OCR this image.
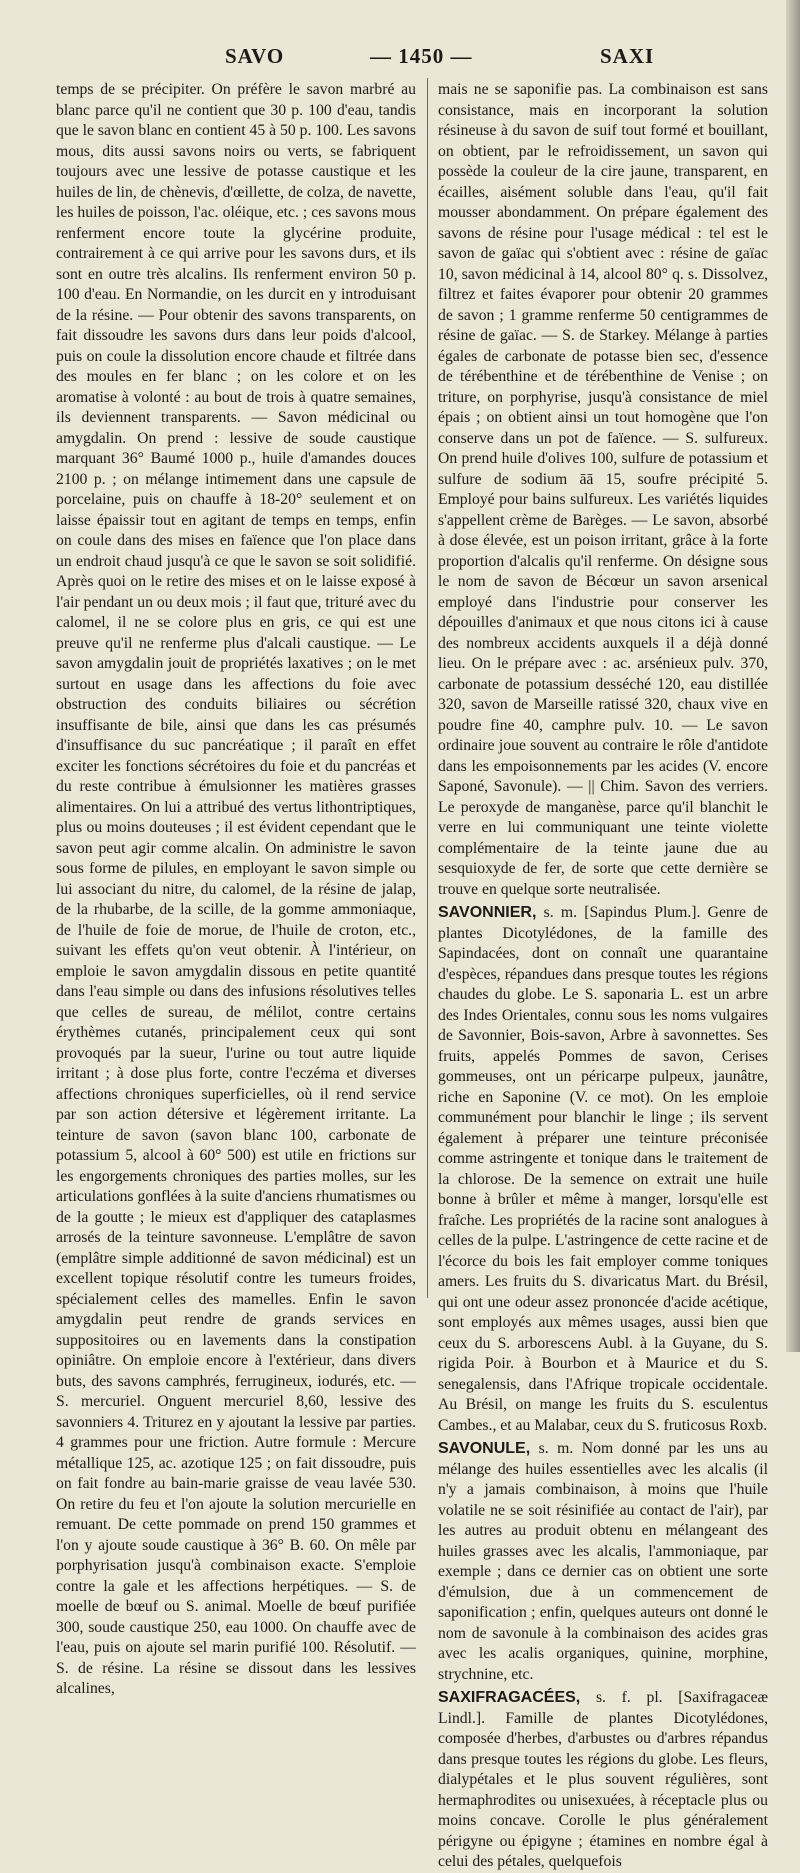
SAVO	— 1450 —	SAXI

temps de se précipiter. On préfère le savon marbré au blanc parce qu'il ne contient que 30 p. 100 d'eau, tandis que le savon blanc en contient 45 à 50 p. 100. Les savons mous, dits aussi savons noirs ou verts, se fabriquent toujours avec une lessive de potasse caustique et les huiles de lin, de chènevis, d'œillette, de colza, de navette, les huiles de poisson, l'ac. oléique, etc. ; ces savons mous renferment encore toute la glycérine produite, contrairement à ce qui arrive pour les savons durs, et ils sont en outre très alcalins. Ils renferment environ 50 p. 100 d'eau. En Normandie, on les durcit en y introduisant de la résine. — Pour obtenir des savons transparents, on fait dissoudre les savons durs dans leur poids d'alcool, puis on coule la dissolution encore chaude et filtrée dans des moules en fer blanc ; on les colore et on les aromatise à volonté : au bout de trois à quatre semaines, ils deviennent transparents. — Savon médicinal ou amygdalin. On prend : lessive de soude caustique marquant 36° Baumé 1000 p., huile d'amandes douces 2100 p. ; on mélange intimement dans une capsule de porcelaine, puis on chauffe à 18-20° seulement et on laisse épaissir tout en agitant de temps en temps, enfin on coule dans des mises en faïence que l'on place dans un endroit chaud jusqu'à ce que le savon se soit solidifié. Après quoi on le retire des mises et on le laisse exposé à l'air pendant un ou deux mois ; il faut que, trituré avec du calomel, il ne se colore plus en gris, ce qui est une preuve qu'il ne renferme plus d'alcali caustique. — Le savon amygdalin jouit de propriétés laxatives ; on le met surtout en usage dans les affections du foie avec obstruction des conduits biliaires ou sécrétion insuffisante de bile, ainsi que dans les cas présumés d'insuffisance du suc pancréatique ; il paraît en effet exciter les fonctions sécrétoires du foie et du pancréas et du reste contribue à émulsionner les matières grasses alimentaires. On lui a attribué des vertus lithontriptiques, plus ou moins douteuses ; il est évident cependant que le savon peut agir comme alcalin. On administre le savon sous forme de pilules, en employant le savon simple ou lui associant du nitre, du calomel, de la résine de jalap, de la rhubarbe, de la scille, de la gomme ammoniaque, de l'huile de foie de morue, de l'huile de croton, etc., suivant les effets qu'on veut obtenir. À l'intérieur, on emploie le savon amygdalin dissous en petite quantité dans l'eau simple ou dans des infusions résolutives telles que celles de sureau, de mélilot, contre certains érythèmes cutanés, principalement ceux qui sont provoqués par la sueur, l'urine ou tout autre liquide irritant ; à dose plus forte, contre l'eczéma et diverses affections chroniques superficielles, où il rend service par son action détersive et légèrement irritante. La teinture de savon (savon blanc 100, carbonate de potassium 5, alcool à 60° 500) est utile en frictions sur les engorgements chroniques des parties molles, sur les articulations gonflées à la suite d'anciens rhumatismes ou de la goutte ; le mieux est d'appliquer des cataplasmes arrosés de la teinture savonneuse. L'emplâtre de savon (emplâtre simple additionné de savon médicinal) est un excellent topique résolutif contre les tumeurs froides, spécialement celles des mamelles. Enfin le savon amygdalin peut rendre de grands services en suppositoires ou en lavements dans la constipation opiniâtre. On emploie encore à l'extérieur, dans divers buts, des savons camphrés, ferrugineux, iodurés, etc. — S. mercuriel. Onguent mercuriel 8,60, lessive des savonniers 4. Triturez en y ajoutant la lessive par parties. 4 grammes pour une friction. Autre formule : Mercure métallique 125, ac. azotique 125 ; on fait dissoudre, puis on fait fondre au bain-marie graisse de veau lavée 530. On retire du feu et l'on ajoute la solution mercurielle en remuant. De cette pommade on prend 150 grammes et l'on y ajoute soude caustique à 36° B. 60. On mêle par porphyrisation jusqu'à combinaison exacte. S'emploie contre la gale et les affections herpétiques. — S. de moelle de bœuf ou S. animal. Moelle de bœuf purifiée 300, soude caustique 250, eau 1000. On chauffe avec de l'eau, puis on ajoute sel marin purifié 100. Résolutif. — S. de résine. La résine se dissout dans les lessives alcalines,

mais ne se saponifie pas. La combinaison est sans consistance, mais en incorporant la solution résineuse à du savon de suif tout formé et bouillant, on obtient, par le refroidissement, un savon qui possède la couleur de la cire jaune, transparent, en écailles, aisément soluble dans l'eau, qu'il fait mousser abondamment. On prépare également des savons de résine pour l'usage médical : tel est le savon de gaïac qui s'obtient avec : résine de gaïac 10, savon médicinal à 14, alcool 80° q. s. Dissolvez, filtrez et faites évaporer pour obtenir 20 grammes de savon ; 1 gramme renferme 50 centigrammes de résine de gaïac. — S. de Starkey. Mélange à parties égales de carbonate de potasse bien sec, d'essence de térébenthine et de térébenthine de Venise ; on triture, on porphyrise, jusqu'à consistance de miel épais ; on obtient ainsi un tout homogène que l'on conserve dans un pot de faïence. — S. sulfureux. On prend huile d'olives 100, sulfure de potassium et sulfure de sodium āā 15, soufre précipité 5. Employé pour bains sulfureux. Les variétés liquides s'appellent crème de Barèges. — Le savon, absorbé à dose élevée, est un poison irritant, grâce à la forte proportion d'alcalis qu'il renferme. On désigne sous le nom de savon de Bécœur un savon arsenical employé dans l'industrie pour conserver les dépouilles d'animaux et que nous citons ici à cause des nombreux accidents auxquels il a déjà donné lieu. On le prépare avec : ac. arsénieux pulv. 370, carbonate de potassium desséché 120, eau distillée 320, savon de Marseille ratissé 320, chaux vive en poudre fine 40, camphre pulv. 10. — Le savon ordinaire joue souvent au contraire le rôle d'antidote dans les empoisonnements par les acides (V. encore Saponé, Savonule). — || Chim. Savon des verriers. Le peroxyde de manganèse, parce qu'il blanchit le verre en lui communiquant une teinte violette complémentaire de la teinte jaune due au sesquioxyde de fer, de sorte que cette dernière se trouve en quelque sorte neutralisée.

SAVONNIER, s. m. [Sapindus Plum.]. Genre de plantes Dicotylédones, de la famille des Sapindacées, dont on connaît une quarantaine d'espèces, répandues dans presque toutes les régions chaudes du globe. Le S. saponaria L. est un arbre des Indes Orientales, connu sous les noms vulgaires de Savonnier, Bois-savon, Arbre à savonnettes. Ses fruits, appelés Pommes de savon, Cerises gommeuses, ont un péricarpe pulpeux, jaunâtre, riche en Saponine (V. ce mot). On les emploie communément pour blanchir le linge ; ils servent également à préparer une teinture préconisée comme astringente et tonique dans le traitement de la chlorose. De la semence on extrait une huile bonne à brûler et même à manger, lorsqu'elle est fraîche. Les propriétés de la racine sont analogues à celles de la pulpe. L'astringence de cette racine et de l'écorce du bois les fait employer comme toniques amers. Les fruits du S. divaricatus Mart. du Brésil, qui ont une odeur assez prononcée d'acide acétique, sont employés aux mêmes usages, aussi bien que ceux du S. arborescens Aubl. à la Guyane, du S. rigida Poir. à Bourbon et à Maurice et du S. senegalensis, dans l'Afrique tropicale occidentale. Au Brésil, on mange les fruits du S. esculentus Cambes., et au Malabar, ceux du S. fruticosus Roxb.

SAVONULE, s. m. Nom donné par les uns au mélange des huiles essentielles avec les alcalis (il n'y a jamais combinaison, à moins que l'huile volatile ne se soit résinifiée au contact de l'air), par les autres au produit obtenu en mélangeant des huiles grasses avec les alcalis, l'ammoniaque, par exemple ; dans ce dernier cas on obtient une sorte d'émulsion, due à un commencement de saponification ; enfin, quelques auteurs ont donné le nom de savonule à la combinaison des acides gras avec les acalis organiques, quinine, morphine, strychnine, etc.

SAXIFRAGACÉES, s. f. pl. [Saxifragaceæ Lindl.]. Famille de plantes Dicotylédones, composée d'herbes, d'arbustes ou d'arbres répandus dans presque toutes les régions du globe. Les fleurs, dialypétales et le plus souvent régulières, sont hermaphrodites ou unisexuées, à réceptacle plus ou moins concave. Corolle le plus généralement périgyne ou épigyne ; étamines en nombre égal à celui des pétales, quelquefois
